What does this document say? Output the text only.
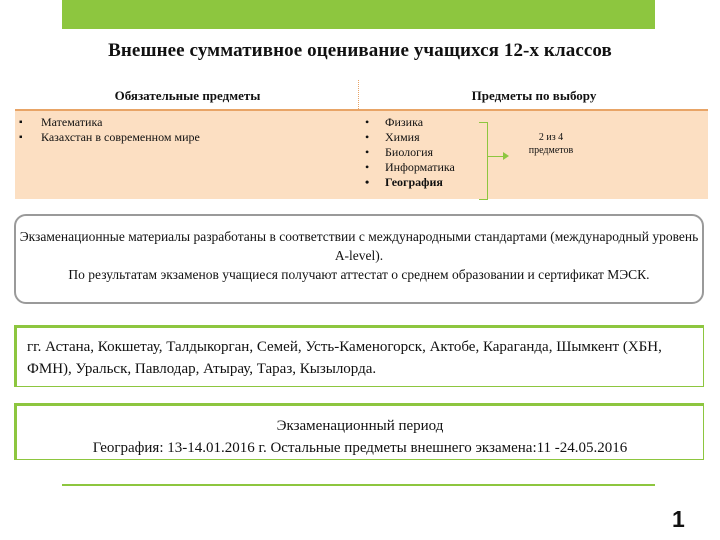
Внешнее суммативное оценивание учащихся 12-х классов
Обязательные предметы	Предметы по выбору
▪ Математика
▪ Казахстан в современном мире
• Физика
• Химия
• Биология
• Информатика
• География
2 из 4
предметов

Экзаменационные материалы разработаны в соответствии с международными стандартами (международный уровень A-level).

По результатам экзаменов учащиеся получают аттестат о среднем образовании и сертификат МЭСК.

гг. Астана, Кокшетау, Талдыкорган, Семей, Усть-Каменогорск, Актобе, Караганда, Шымкент (ХБН, ФМН), Уральск, Павлодар, Атырау, Тараз, Кызылорда.

Экзаменационный период

География: 13-14.01.2016 г. Остальные предметы внешнего экзамена:11 -24.05.2016

1
